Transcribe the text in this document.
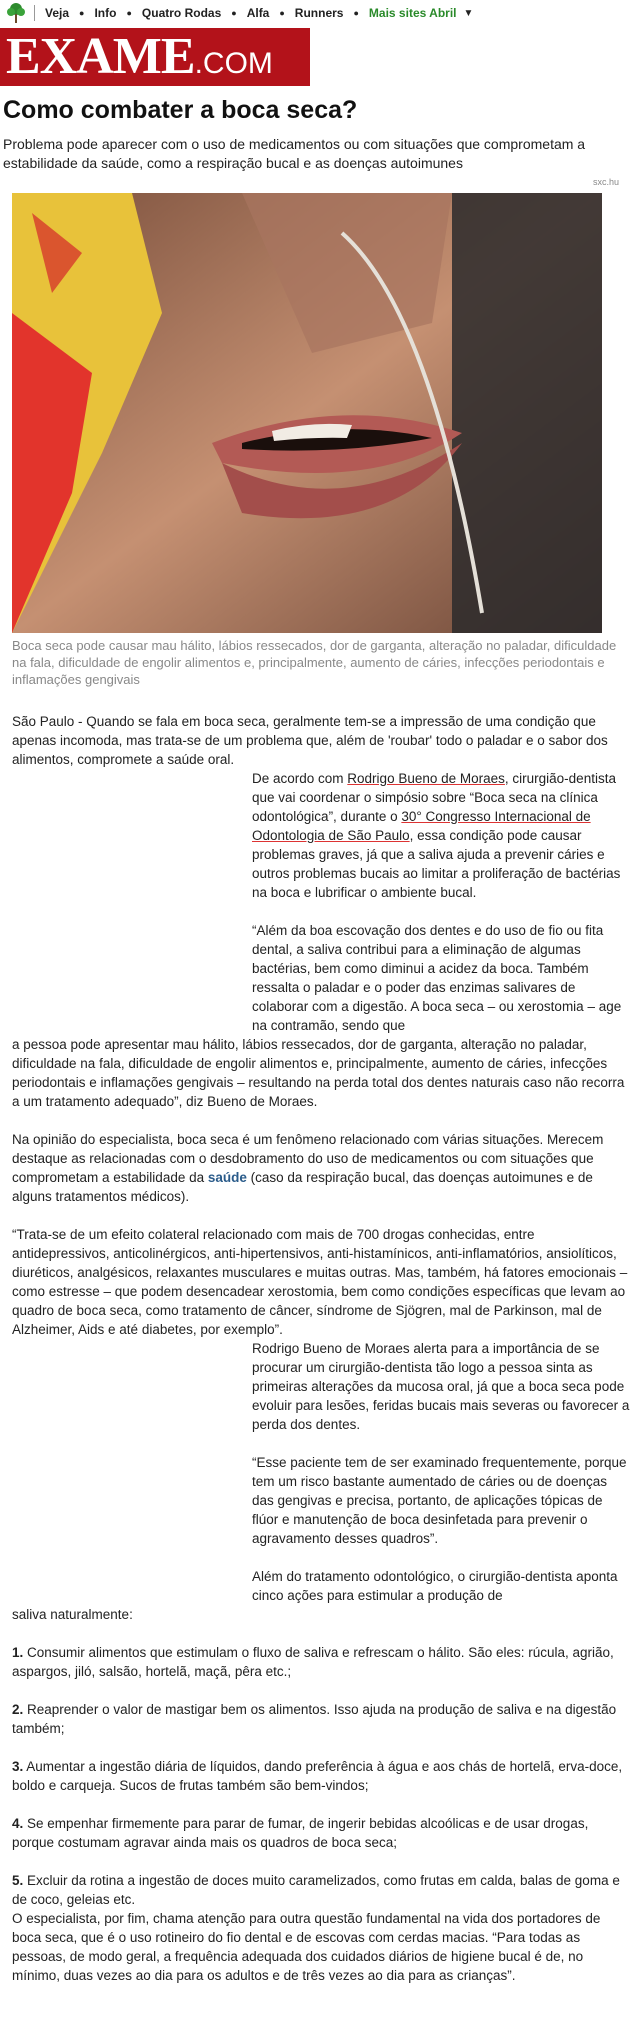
Veja ● Info ● Quatro Rodas ● Alfa ● Runners ● Mais sites Abril ▼
EXAME .COM
Como combater a boca seca?

Problema pode aparecer com o uso de medicamentos ou com situações que comprometam a estabilidade da saúde, como a respiração bucal e as doenças autoimunes

sxc.hu

Boca seca pode causar mau hálito, lábios ressecados, dor de garganta, alteração no paladar, dificuldade na fala, dificuldade de engolir alimentos e, principalmente, aumento de cáries, infecções periodontais e inflamações gengivais

São Paulo - Quando se fala em boca seca, geralmente tem-se a impressão de uma condição que apenas incomoda, mas trata-se de um problema que, além de 'roubar' todo o paladar e o sabor dos alimentos, compromete a saúde oral.

De acordo com Rodrigo Bueno de Moraes, cirurgião-dentista que vai coordenar o simpósio sobre “Boca seca na clínica odontológica”, durante o 30° Congresso Internacional de Odontologia de São Paulo, essa condição pode causar problemas graves, já que a saliva ajuda a prevenir cáries e outros problemas bucais ao limitar a proliferação de bactérias na boca e lubrificar o ambiente bucal.

“Além da boa escovação dos dentes e do uso de fio ou fita dental, a saliva contribui para a eliminação de algumas bactérias, bem como diminui a acidez da boca. Também ressalta o paladar e o poder das enzimas salivares de colaborar com a digestão. A boca seca – ou xerostomia – age na contramão, sendo que

a pessoa pode apresentar mau hálito, lábios ressecados, dor de garganta, alteração no paladar, dificuldade na fala, dificuldade de engolir alimentos e, principalmente, aumento de cáries, infecções periodontais e inflamações gengivais – resultando na perda total dos dentes naturais caso não recorra a um tratamento adequado”, diz Bueno de Moraes.

Na opinião do especialista, boca seca é um fenômeno relacionado com várias situações. Merecem destaque as relacionadas com o desdobramento do uso de medicamentos ou com situações que comprometam a estabilidade da saúde (caso da respiração bucal, das doenças autoimunes e de alguns tratamentos médicos).

“Trata-se de um efeito colateral relacionado com mais de 700 drogas conhecidas, entre antidepressivos, anticolinérgicos, anti-hipertensivos, anti-histamínicos, anti-inflamatórios, ansiolíticos, diuréticos, analgésicos, relaxantes musculares e muitas outras. Mas, também, há fatores emocionais – como estresse – que podem desencadear xerostomia, bem como condições específicas que levam ao quadro de boca seca, como tratamento de câncer, síndrome de Sjögren, mal de Parkinson, mal de Alzheimer, Aids e até diabetes, por exemplo”.

Rodrigo Bueno de Moraes alerta para a importância de se procurar um cirurgião-dentista tão logo a pessoa sinta as primeiras alterações da mucosa oral, já que a boca seca pode evoluir para lesões, feridas bucais mais severas ou favorecer a perda dos dentes.

“Esse paciente tem de ser examinado frequentemente, porque tem um risco bastante aumentado de cáries ou de doenças das gengivas e precisa, portanto, de aplicações tópicas de flúor e manutenção de boca desinfetada para prevenir o agravamento desses quadros”.

Além do tratamento odontológico, o cirurgião-dentista aponta cinco ações para estimular a produção de

saliva naturalmente:

1. Consumir alimentos que estimulam o fluxo de saliva e refrescam o hálito. São eles: rúcula, agrião, aspargos, jiló, salsão, hortelã, maçã, pêra etc.;

2. Reaprender o valor de mastigar bem os alimentos. Isso ajuda na produção de saliva e na digestão também;

3. Aumentar a ingestão diária de líquidos, dando preferência à água e aos chás de hortelã, erva-doce, boldo e carqueja. Sucos de frutas também são bem-vindos;

4. Se empenhar firmemente para parar de fumar, de ingerir bebidas alcoólicas e de usar drogas, porque costumam agravar ainda mais os quadros de boca seca;

5. Excluir da rotina a ingestão de doces muito caramelizados, como frutas em calda, balas de goma e de coco, geleias etc.

O especialista, por fim, chama atenção para outra questão fundamental na vida dos portadores de boca seca, que é o uso rotineiro do fio dental e de escovas com cerdas macias. “Para todas as pessoas, de modo geral, a frequência adequada dos cuidados diários de higiene bucal é de, no mínimo, duas vezes ao dia para os adultos e de três vezes ao dia para as crianças”.
